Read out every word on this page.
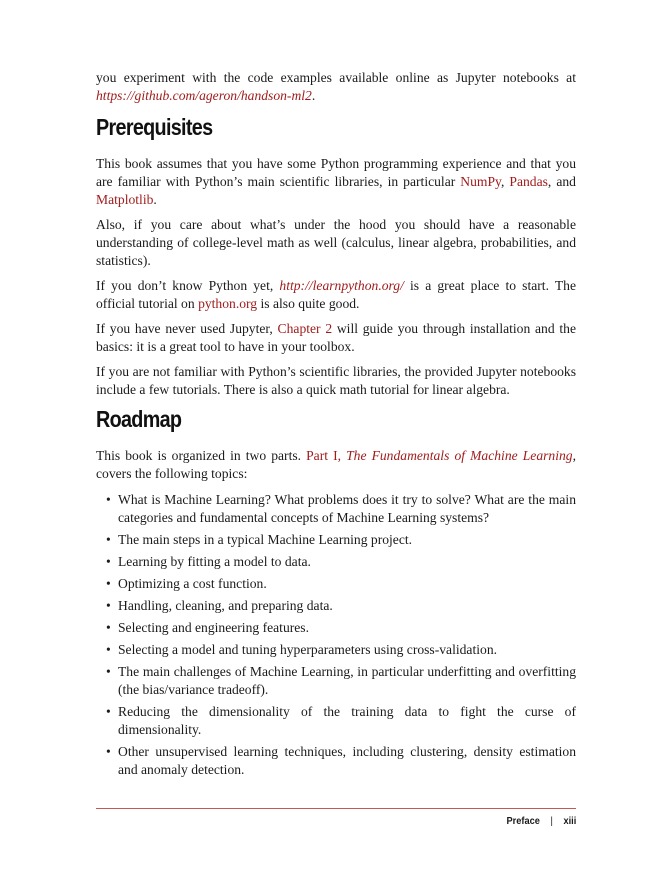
you experiment with the code examples available online as Jupyter notebooks at https://github.com/ageron/handson-ml2.
Prerequisites
This book assumes that you have some Python programming experience and that you are familiar with Python’s main scientific libraries, in particular NumPy, Pandas, and Matplotlib.
Also, if you care about what’s under the hood you should have a reasonable understanding of college-level math as well (calculus, linear algebra, probabilities, and statistics).
If you don’t know Python yet, http://learnpython.org/ is a great place to start. The official tutorial on python.org is also quite good.
If you have never used Jupyter, Chapter 2 will guide you through installation and the basics: it is a great tool to have in your toolbox.
If you are not familiar with Python’s scientific libraries, the provided Jupyter notebooks include a few tutorials. There is also a quick math tutorial for linear algebra.
Roadmap
This book is organized in two parts. Part I, The Fundamentals of Machine Learning, covers the following topics:
• What is Machine Learning? What problems does it try to solve? What are the main categories and fundamental concepts of Machine Learning systems?
• The main steps in a typical Machine Learning project.
• Learning by fitting a model to data.
• Optimizing a cost function.
• Handling, cleaning, and preparing data.
• Selecting and engineering features.
• Selecting a model and tuning hyperparameters using cross-validation.
• The main challenges of Machine Learning, in particular underfitting and overfitting (the bias/variance tradeoff).
• Reducing the dimensionality of the training data to fight the curse of dimensionality.
• Other unsupervised learning techniques, including clustering, density estimation and anomaly detection.
Preface | xiii
